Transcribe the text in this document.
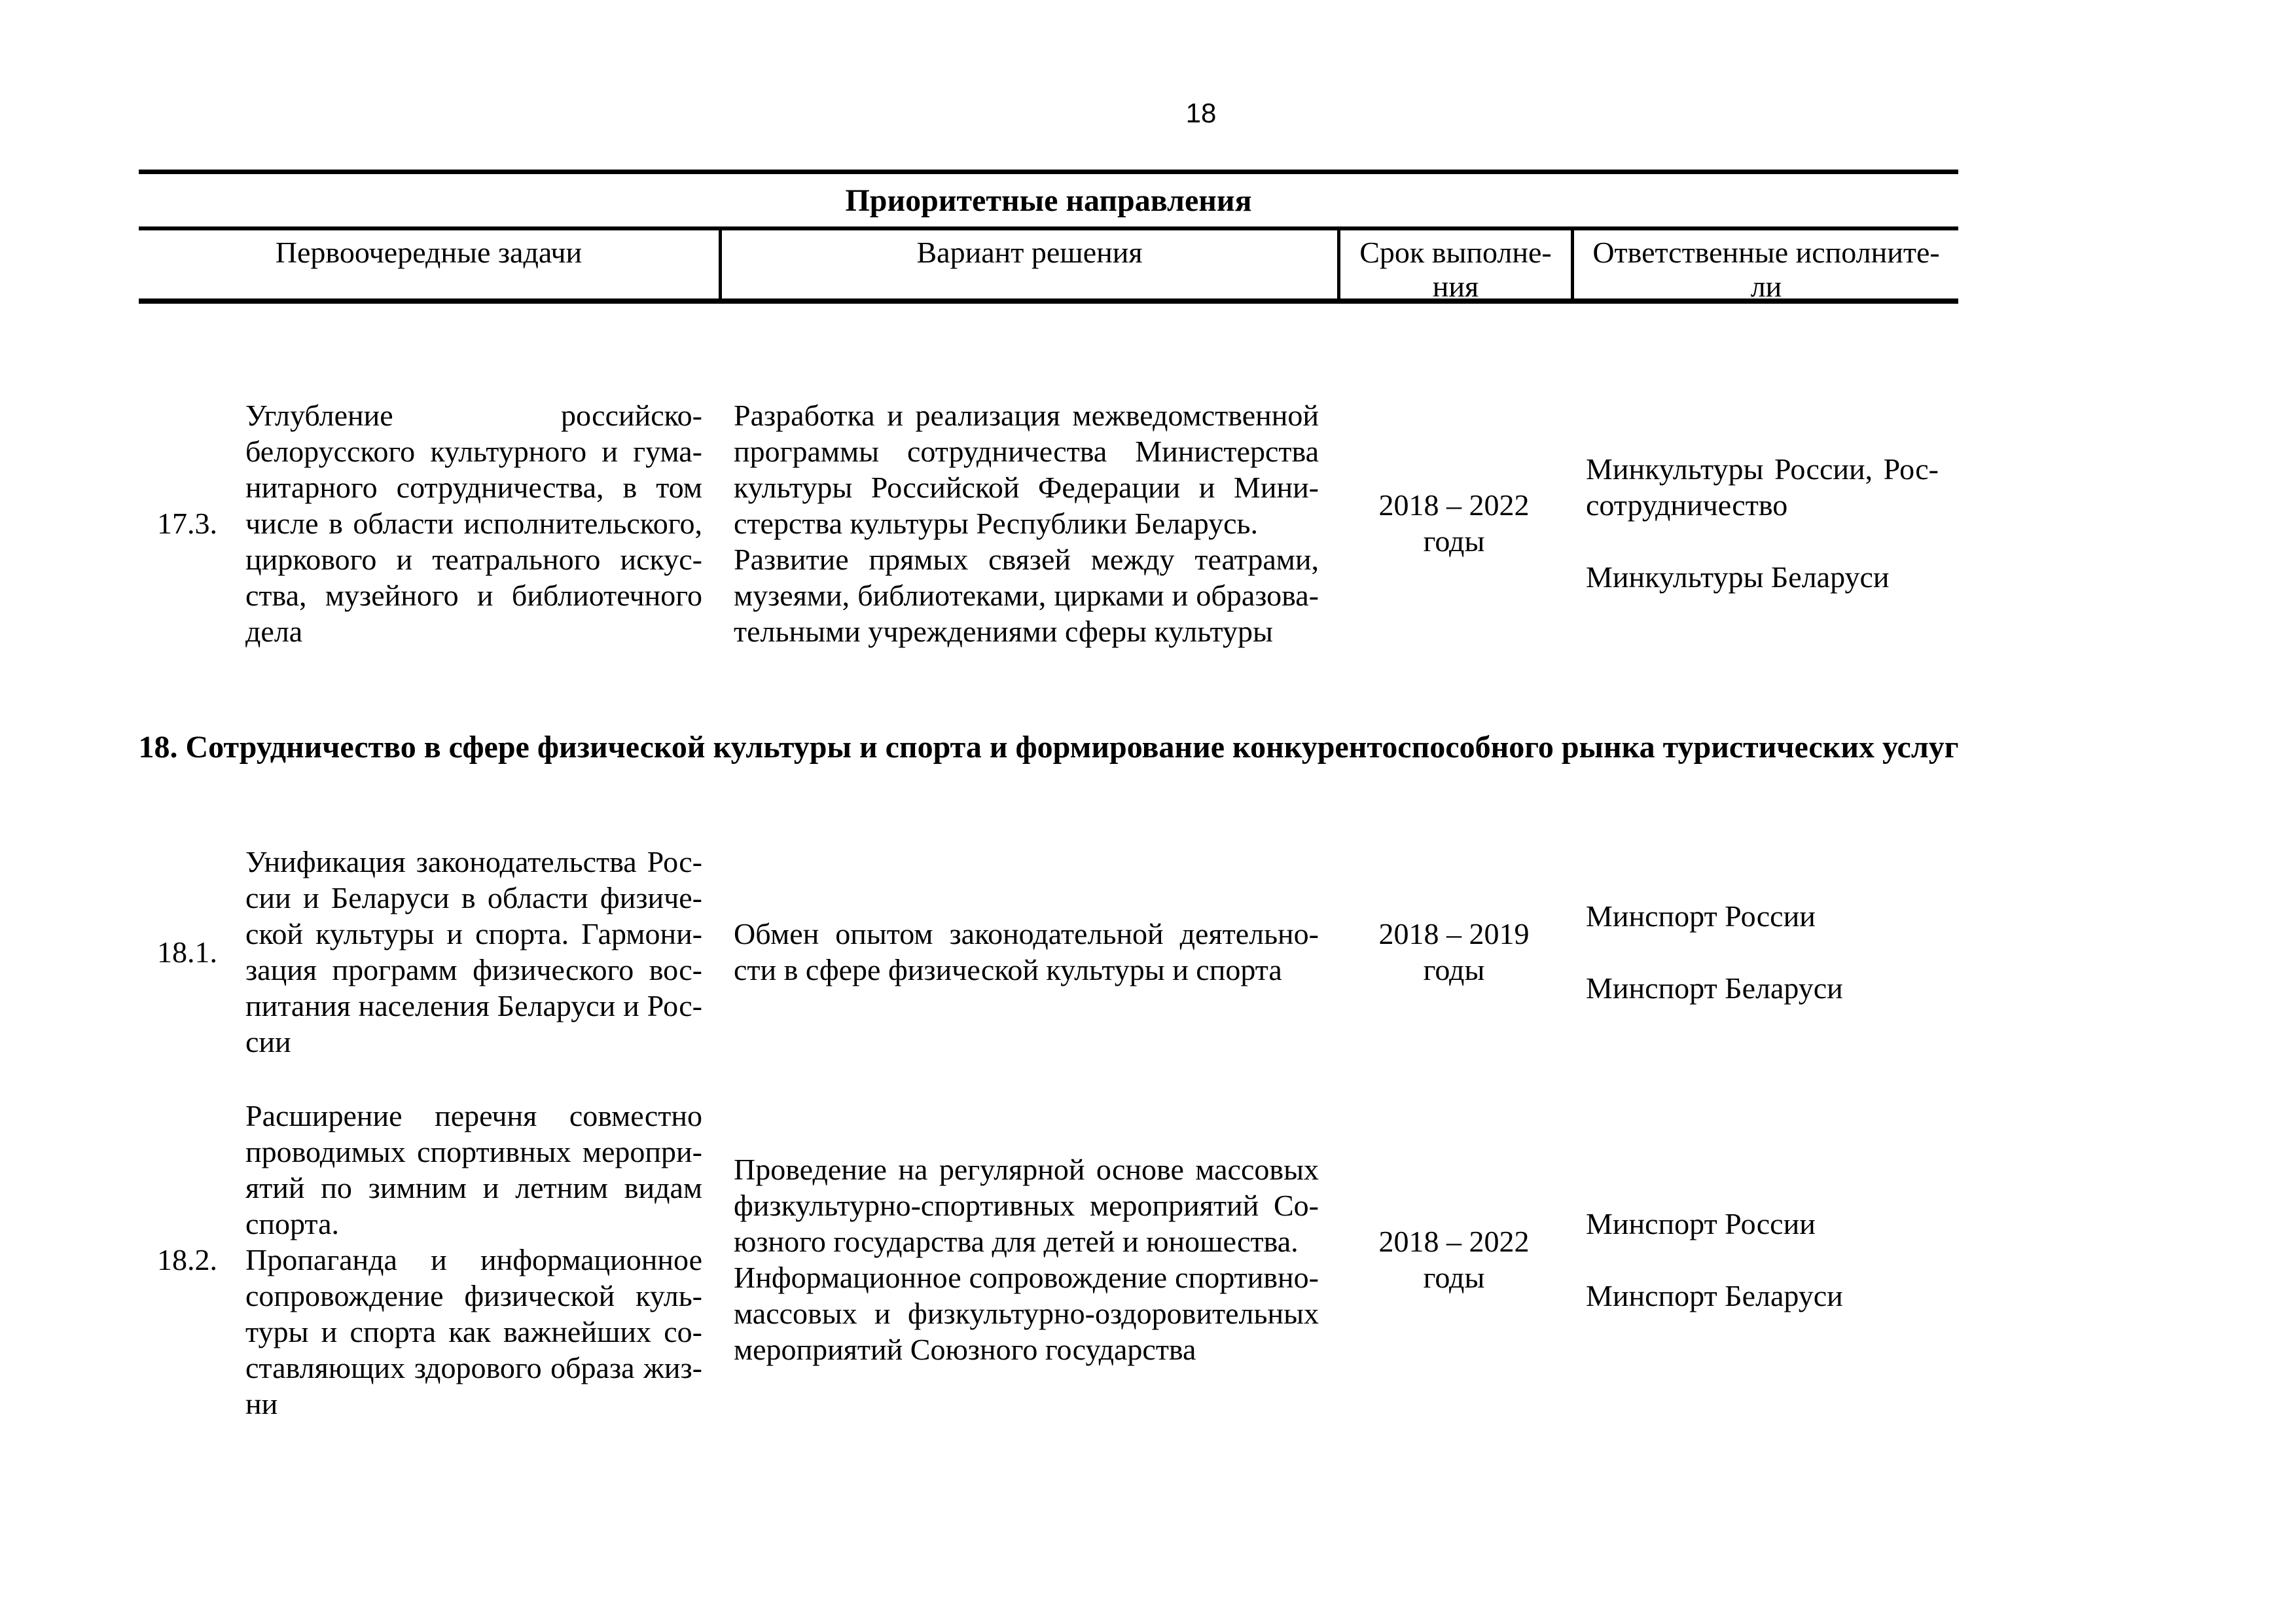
18
Приоритетные направления
Первоочередные задачи	Вариант решения	Срок выполне-
ния
Ответственные исполните-
ли
17.3.
Углубление российско-
белорусского культурного и гума-
нитарного сотрудничества, в том
числе в области исполнительского,
циркового и театрального искус-
ства, музейного и библиотечного
дела
Разработка и реализация межведомственной
программы сотрудничества Министерства
культуры Российской Федерации и Мини-
стерства культуры Республики Беларусь.
Развитие прямых связей между театрами,
музеями, библиотеками, цирками и образова-
тельными учреждениями сферы культуры
2018 – 2022
годы
Минкультуры России, Рос-
сотрудничество
Минкультуры Беларуси
18. Сотрудничество в сфере физической культуры и спорта и формирование конкурентоспособного рынка туристических услуг
18.1.
Унификация законодательства Рос-
сии и Беларуси в области физиче-
ской культуры и спорта. Гармони-
зация программ физического вос-
питания населения Беларуси и Рос-
сии
Обмен опытом законодательной деятельно-
сти в сфере физической культуры и спорта
2018 – 2019
годы
Минспорт России
Минспорт Беларуси
18.2.
Расширение перечня совместно
проводимых спортивных меропри-
ятий по зимним и летним видам
спорта.
Пропаганда и информационное
сопровождение физической куль-
туры и спорта как важнейших со-
ставляющих здорового образа жиз-
ни
Проведение на регулярной основе массовых
физкультурно-спортивных мероприятий Со-
юзного государства для детей и юношества.
Информационное сопровождение спортивно-
массовых и физкультурно-оздоровительных
мероприятий Союзного государства
2018 – 2022
годы
Минспорт России
Минспорт Беларуси
